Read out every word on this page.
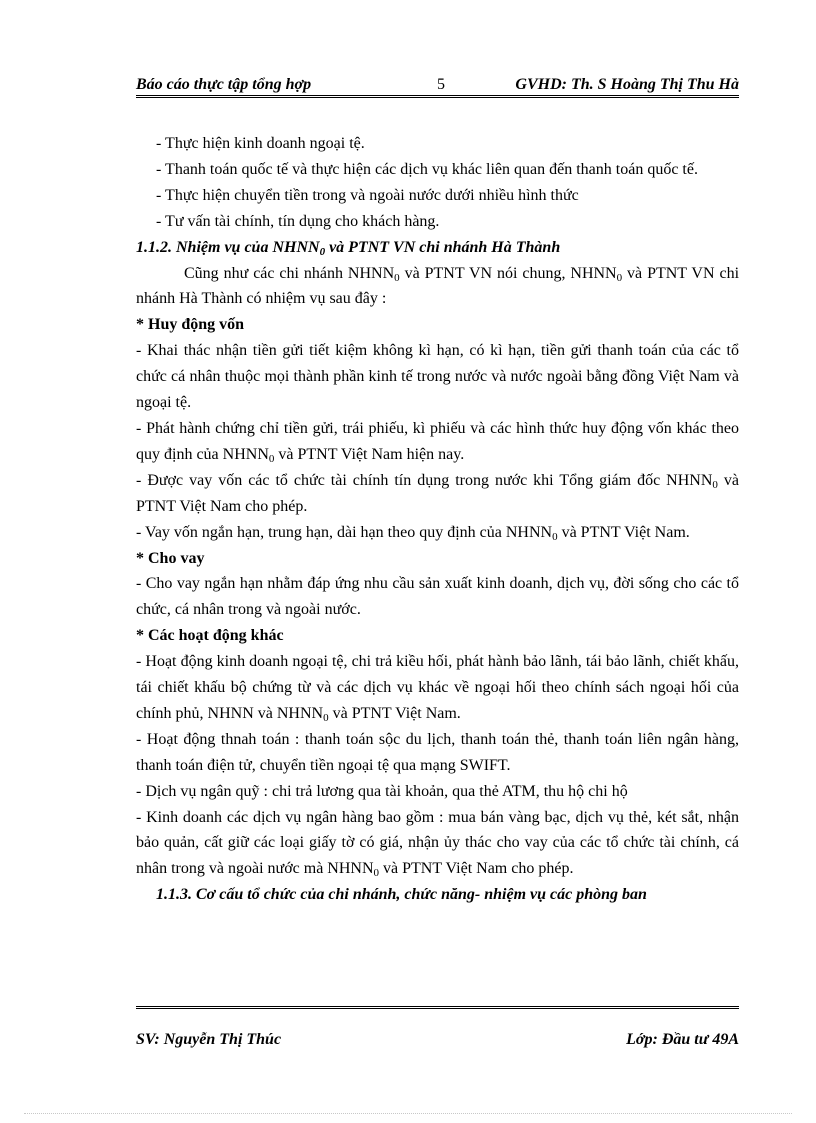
Báo cáo thực tập tổng hợp	5	GVHD: Th. S Hoàng Thị Thu Hà

- Thực hiện kinh doanh ngoại tệ.

- Thanh toán quốc tế và thực hiện các dịch vụ khác liên quan đến thanh toán quốc tế.

- Thực hiện chuyển tiền trong và ngoài nước dưới nhiều hình thức

- Tư vấn tài chính, tín dụng cho khách hàng.

1.1.2. Nhiệm vụ của $NHNN_0$ và PTNT VN chi nhánh Hà Thành

Cũng như các chi nhánh $NHNN_0$ và PTNT VN nói chung, $NHNN_0$ và PTNT VN chi nhánh Hà Thành có nhiệm vụ sau đây :

* Huy động vốn

- Khai thác nhận tiền gửi tiết kiệm không kì hạn, có kì hạn, tiền gửi thanh toán của các tổ chức cá nhân thuộc mọi thành phần kinh tế trong nước và nước ngoài bằng đồng Việt Nam và ngoại tệ.

- Phát hành chứng chỉ tiền gửi, trái phiếu, kì phiếu và các hình thức huy động vốn khác theo quy định của $NHNN_0$ và PTNT Việt Nam hiện nay.

- Được vay vốn các tổ chức tài chính tín dụng trong nước khi Tổng giám đốc $NHNN_0$ và PTNT Việt Nam cho phép.

- Vay vốn ngắn hạn, trung hạn, dài hạn theo quy định của $NHNN_0$ và PTNT Việt Nam.

* Cho vay

- Cho vay ngắn hạn nhằm đáp ứng nhu cầu sản xuất kinh doanh, dịch vụ, đời sống cho các tổ chức, cá nhân trong và ngoài nước.

* Các hoạt động khác

- Hoạt động kinh doanh ngoại tệ, chi trả kiều hối, phát hành bảo lãnh, tái bảo lãnh, chiết khấu, tái chiết khấu bộ chứng từ và các dịch vụ khác về ngoại hối theo chính sách ngoại hối của chính phủ, NHNN và $NHNN_0$ và PTNT Việt Nam.

- Hoạt động thnah toán : thanh toán sộc du lịch, thanh toán thẻ, thanh toán liên ngân hàng, thanh toán điện tử, chuyển tiền ngoại tệ qua mạng SWIFT.

- Dịch vụ ngân quỹ : chi trả lương qua tài khoản, qua thẻ ATM, thu hộ chi hộ

- Kinh doanh các dịch vụ ngân hàng bao gồm : mua bán vàng bạc, dịch vụ thẻ, két sắt, nhận bảo quản, cất giữ các loại giấy tờ có giá, nhận ủy thác cho vay của các tổ chức tài chính, cá nhân trong và ngoài nước mà $NHNN_0$ và PTNT Việt Nam cho phép.

1.1.3. Cơ cấu tổ chức của chi nhánh, chức năng- nhiệm vụ các phòng ban

SV: Nguyễn Thị Thúc	Lớp: Đầu tư 49A
